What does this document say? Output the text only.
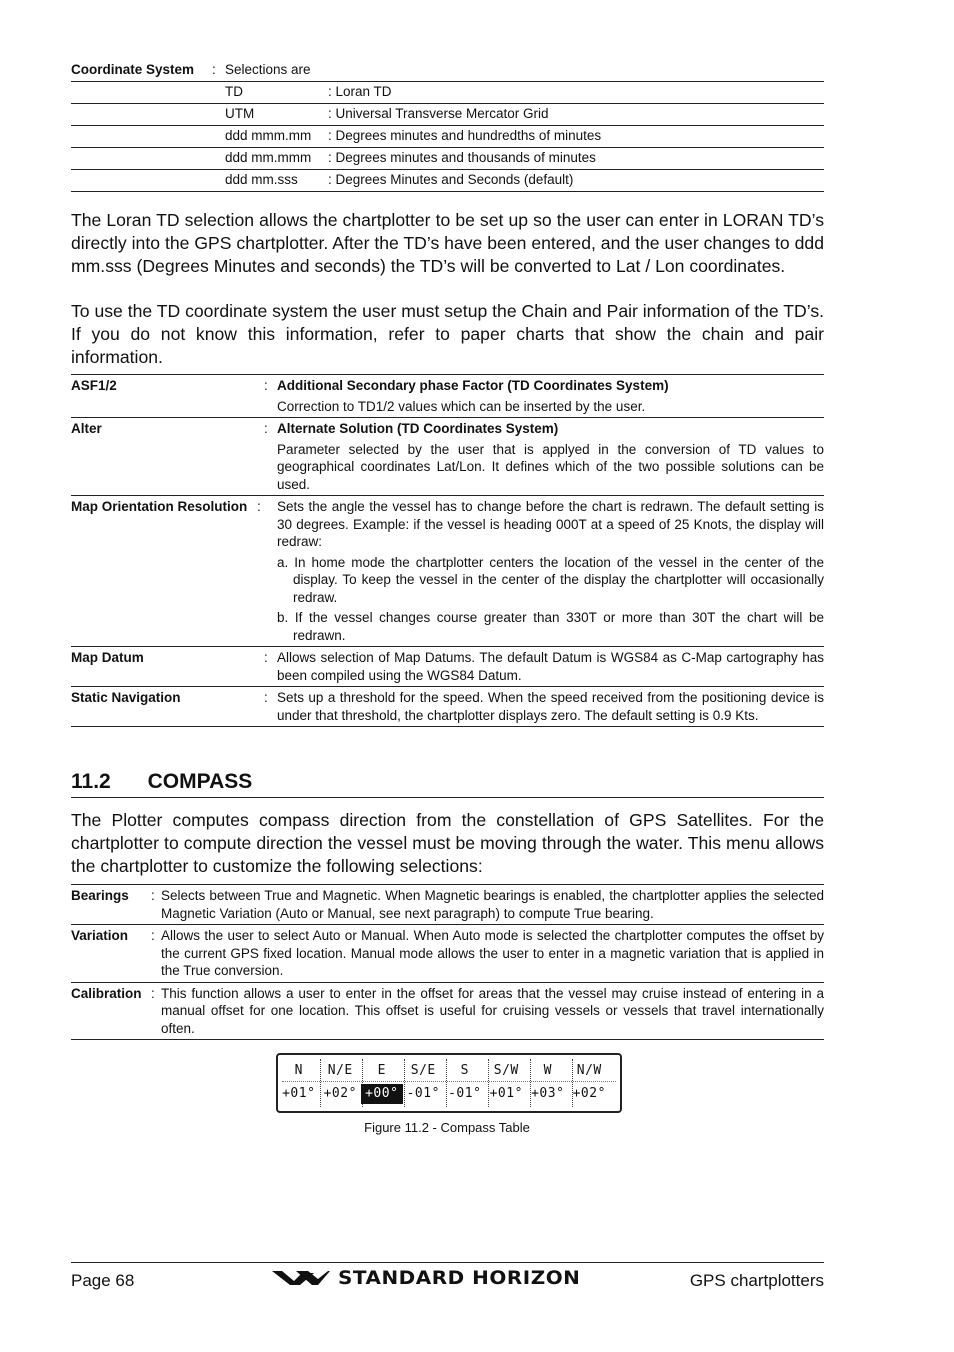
Coordinate System : Selections are
TD	: Loran TD
UTM	: Universal Transverse Mercator Grid
ddd mmm.mm : Degrees minutes and hundredths of minutes
ddd mm.mmm : Degrees minutes and thousands of minutes
ddd mm.sss : Degrees Minutes and Seconds (default)
The Loran TD selection allows the chartplotter to be set up so the user can enter in LORAN TD’s directly into the GPS chartplotter. After the TD’s have been entered, and the user changes to ddd mm.sss (Degrees Minutes and seconds) the TD’s will be converted to Lat / Lon coordinates.
To use the TD coordinate system the user must setup the Chain and Pair information of the TD’s. If you do not know this information, refer to paper charts that show the chain and pair information.
ASF1/2	: Additional Secondary phase Factor (TD Coordinates System)

Correction to TD1/2 values which can be inserted by the user.

Alter	: Alternate Solution (TD Coordinates System)

Parameter selected by the user that is applyed in the conversion of TD values to geographical coordinates Lat/Lon. It defines which of the two possible solutions can be used.

Map Orientation Resolution :	Sets the angle the vessel has to change before the chart is redrawn. The default setting is 30 degrees. Example: if the vessel is heading 000T at a speed of 25 Knots, the display will redraw:

a. In home mode the chartplotter centers the location of the vessel in the center of the display. To keep the vessel in the center of the display the chartplotter will occasionally redraw.

b. If the vessel changes course greater than 330T or more than 30T the chart will be redrawn.

Map Datum	: Allows selection of Map Datums. The default Datum is WGS84 as C-Map cartography has been compiled using the WGS84 Datum.

Static Navigation	: Sets up a threshold for the speed. When the speed received from the positioning device is under that threshold, the chartplotter displays zero. The default setting is 0.9 Kts.

11.2 COMPASS
The Plotter computes compass direction from the constellation of GPS Satellites. For the chartplotter to compute direction the vessel must be moving through the water. This menu allows the chartplotter to customize the following selections:
Bearings	: Selects between True and Magnetic. When Magnetic bearings is enabled, the chartplotter applies the selected Magnetic Variation (Auto or Manual, see next paragraph) to compute True bearing.

Variation	: Allows the user to select Auto or Manual. When Auto mode is selected the chartplotter computes the offset by the current GPS fixed location. Manual mode allows the user to enter in a magnetic variation that is applied in the True conversion.

Calibration : This function allows a user to enter in the offset for areas that the vessel may cruise instead of entering in a manual offset for one location. This offset is useful for cruising vessels or vessels that travel internationally often.

N	N/E	E	S/E	S	S/W	W	N/W
+01° +02° +00° -01° -01° +01° +03° +02°
Figure 11.2 - Compass Table
Page 68	STANDARD HORIZON	GPS chartplotters
